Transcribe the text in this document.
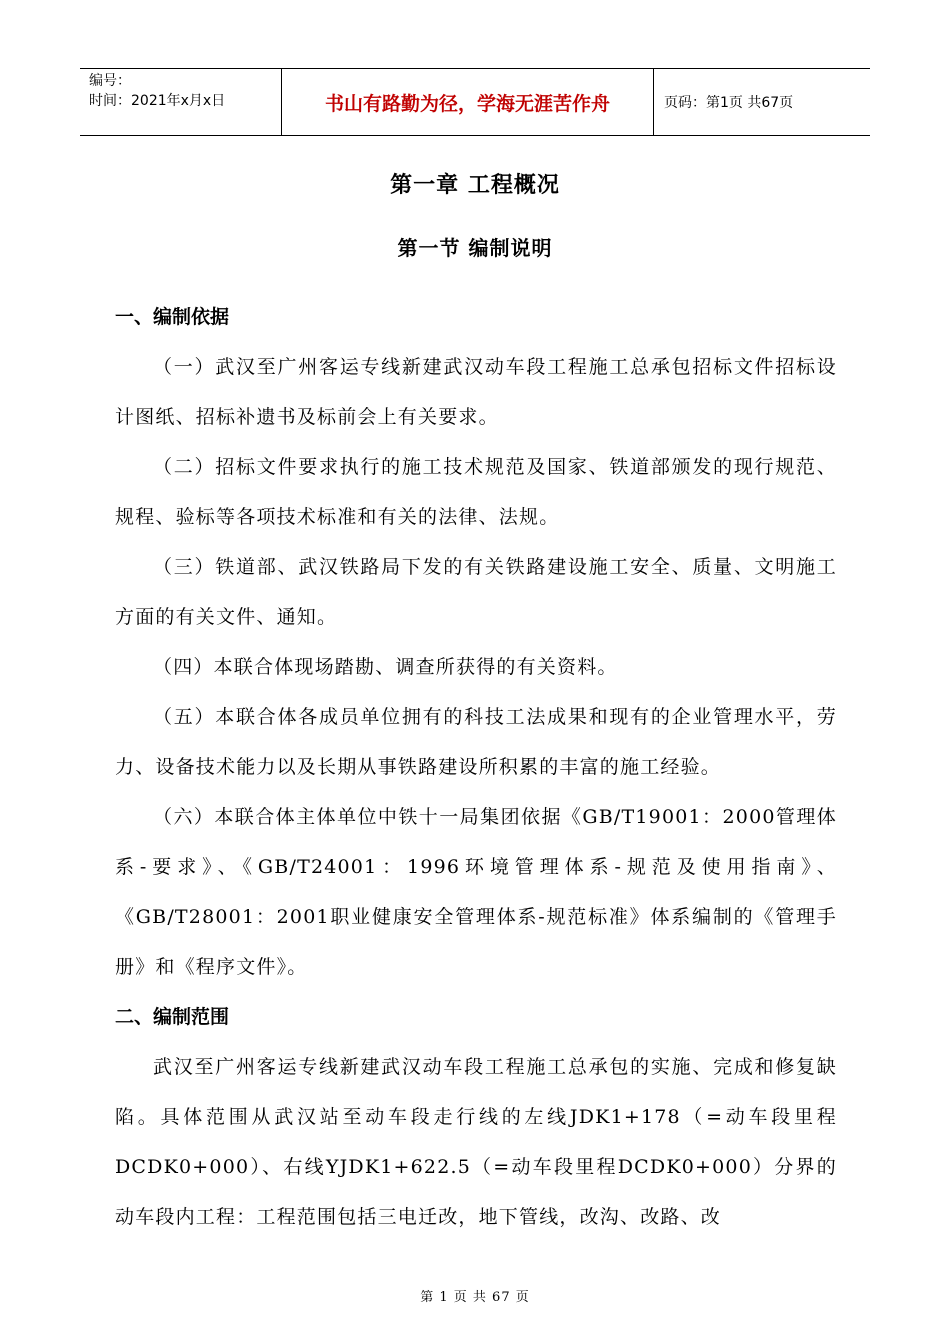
编号：
时间：2021年x月x日	书山有路勤为径，学海无涯苦作舟	页码：第1页 共67页
第一章 工程概况
第一节 编制说明

一、编制依据

（一）武汉至广州客运专线新建武汉动车段工程施工总承包招标文件招标设计图纸、招标补遗书及标前会上有关要求。

（二）招标文件要求执行的施工技术规范及国家、铁道部颁发的现行规范、规程、验标等各项技术标准和有关的法律、法规。

（三）铁道部、武汉铁路局下发的有关铁路建设施工安全、质量、文明施工方面的有关文件、通知。

（四）本联合体现场踏勘、调查所获得的有关资料。

（五）本联合体各成员单位拥有的科技工法成果和现有的企业管理水平，劳力、设备技术能力以及长期从事铁路建设所积累的丰富的施工经验。

（六）本联合体主体单位中铁十一局集团依据《GB/T19001：2000管理体系-要求》、《GB/T24001：1996环境管理体系-规范及使用指南》、《GB/T28001：2001职业健康安全管理体系-规范标准》体系编制的《管理手册》和《程序文件》。

二、编制范围

武汉至广州客运专线新建武汉动车段工程施工总承包的实施、完成和修复缺陷。具体范围从武汉站至动车段走行线的左线JDK1+178（=动车段里程DCDK0+000）、右线YJDK1+622.5（=动车段里程DCDK0+000）分界的动车段内工程：工程范围包括三电迁改，地下管线，改沟、改路、改

第 1 页 共 67 页
